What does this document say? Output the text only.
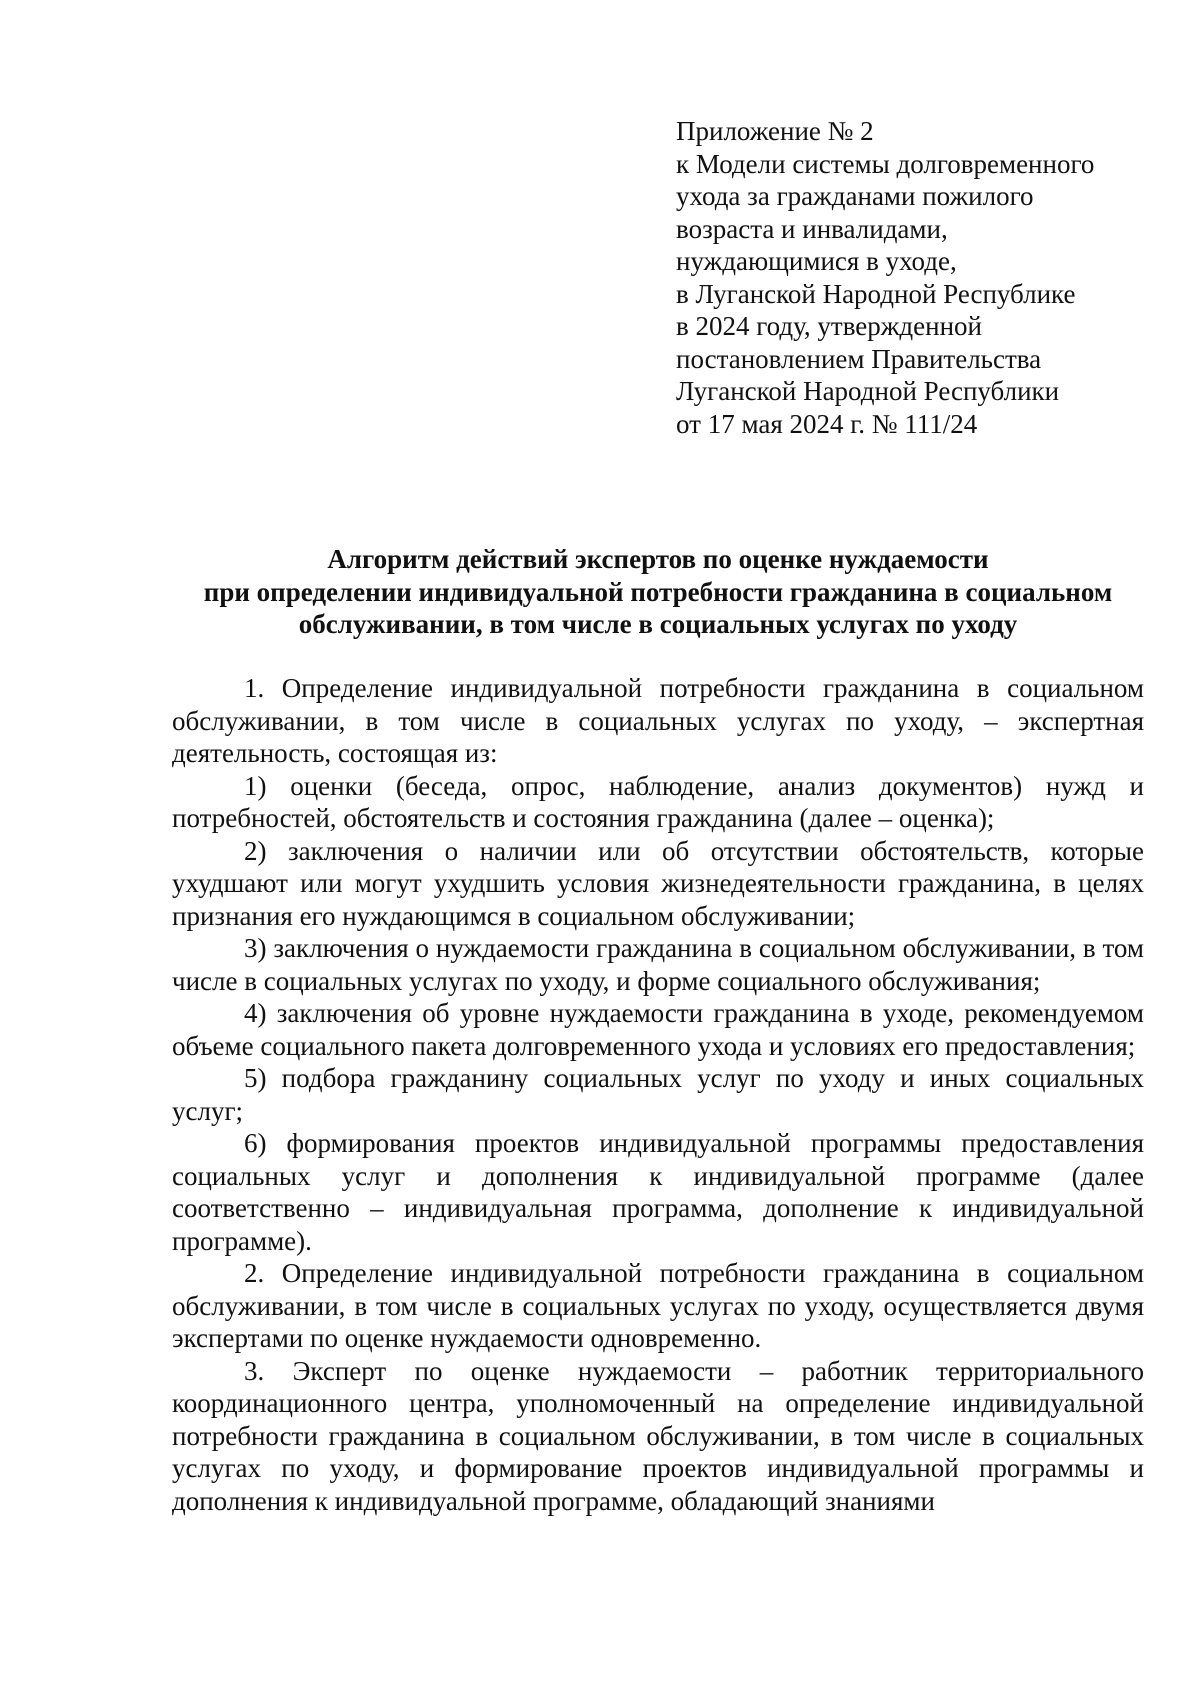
Приложение № 2
к Модели системы долговременного
ухода за гражданами пожилого
возраста и инвалидами,
нуждающимися в уходе,
в Луганской Народной Республике
в 2024 году, утвержденной
постановлением Правительства
Луганской Народной Республики
от 17 мая 2024 г. № 111/24
Алгоритм действий экспертов по оценке нуждаемости
при определении индивидуальной потребности гражданина в социальном
обслуживании, в том числе в социальных услугах по уходу

1. Определение индивидуальной потребности гражданина в социальном обслуживании, в том числе в социальных услугах по уходу, – экспертная деятельность, состоящая из:

1) оценки (беседа, опрос, наблюдение, анализ документов) нужд и потребностей, обстоятельств и состояния гражданина (далее – оценка);

2) заключения о наличии или об отсутствии обстоятельств, которые ухудшают или могут ухудшить условия жизнедеятельности гражданина, в целях признания его нуждающимся в социальном обслуживании;

3) заключения о нуждаемости гражданина в социальном обслуживании, в том числе в социальных услугах по уходу, и форме социального обслуживания;

4) заключения об уровне нуждаемости гражданина в уходе, рекомендуемом объеме социального пакета долговременного ухода и условиях его предоставления;

5) подбора гражданину социальных услуг по уходу и иных социальных услуг;

6) формирования проектов индивидуальной программы предоставления социальных услуг и дополнения к индивидуальной программе (далее соответственно – индивидуальная программа, дополнение к индивидуальной программе).

2. Определение индивидуальной потребности гражданина в социальном обслуживании, в том числе в социальных услугах по уходу, осуществляется двумя экспертами по оценке нуждаемости одновременно.

3. Эксперт по оценке нуждаемости – работник территориального координационного центра, уполномоченный на определение индивидуальной потребности гражданина в социальном обслуживании, в том числе в социальных услугах по уходу, и формирование проектов индивидуальной программы и дополнения к индивидуальной программе, обладающий знаниями
